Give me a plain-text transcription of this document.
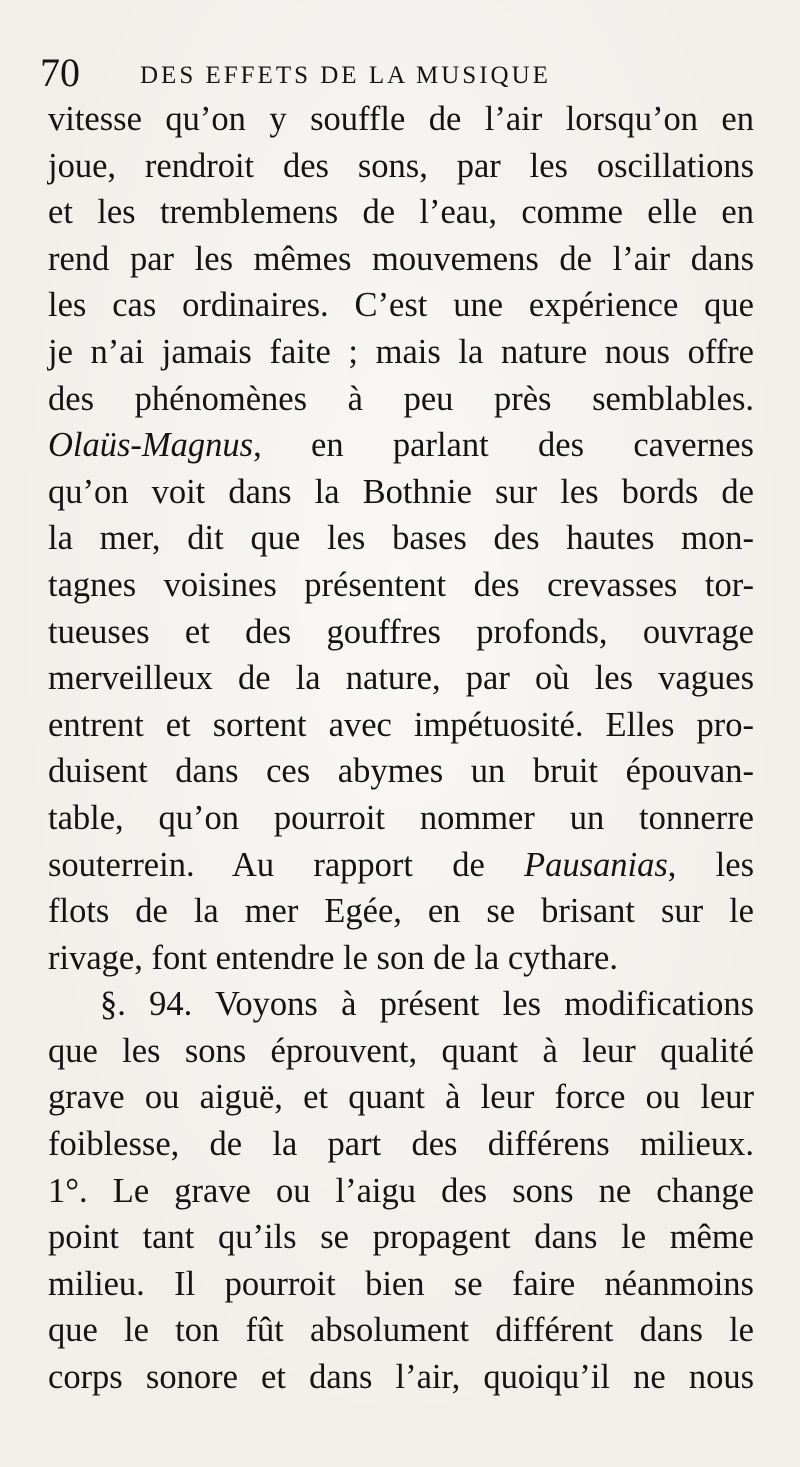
70 DES EFFETS DE LA MUSIQUE
vitesse qu’on y souffle de l’air lorsqu’on en
joue, rendroit des sons, par les oscillations
et les tremblemens de l’eau, comme elle en
rend par les mêmes mouvemens de l’air dans
les cas ordinaires. C’est une expérience que
je n’ai jamais faite ; mais la nature nous offre
des phénomènes à peu près semblables.
Olaüs-Magnus, en parlant des cavernes
qu’on voit dans la Bothnie sur les bords de
la mer, dit que les bases des hautes mon-
tagnes voisines présentent des crevasses tor-
tueuses et des gouffres profonds, ouvrage
merveilleux de la nature, par où les vagues
entrent et sortent avec impétuosité. Elles pro-
duisent dans ces abymes un bruit épouvan-
table, qu’on pourroit nommer un tonnerre
souterrein. Au rapport de Pausanias, les
flots de la mer Egée, en se brisant sur le
rivage, font entendre le son de la cythare.
§. 94. Voyons à présent les modifications
que les sons éprouvent, quant à leur qualité
grave ou aiguë, et quant à leur force ou leur
foiblesse, de la part des différens milieux.
1°. Le grave ou l’aigu des sons ne change
point tant qu’ils se propagent dans le même
milieu. Il pourroit bien se faire néanmoins
que le ton fût absolument différent dans le
corps sonore et dans l’air, quoiqu’il ne nous
